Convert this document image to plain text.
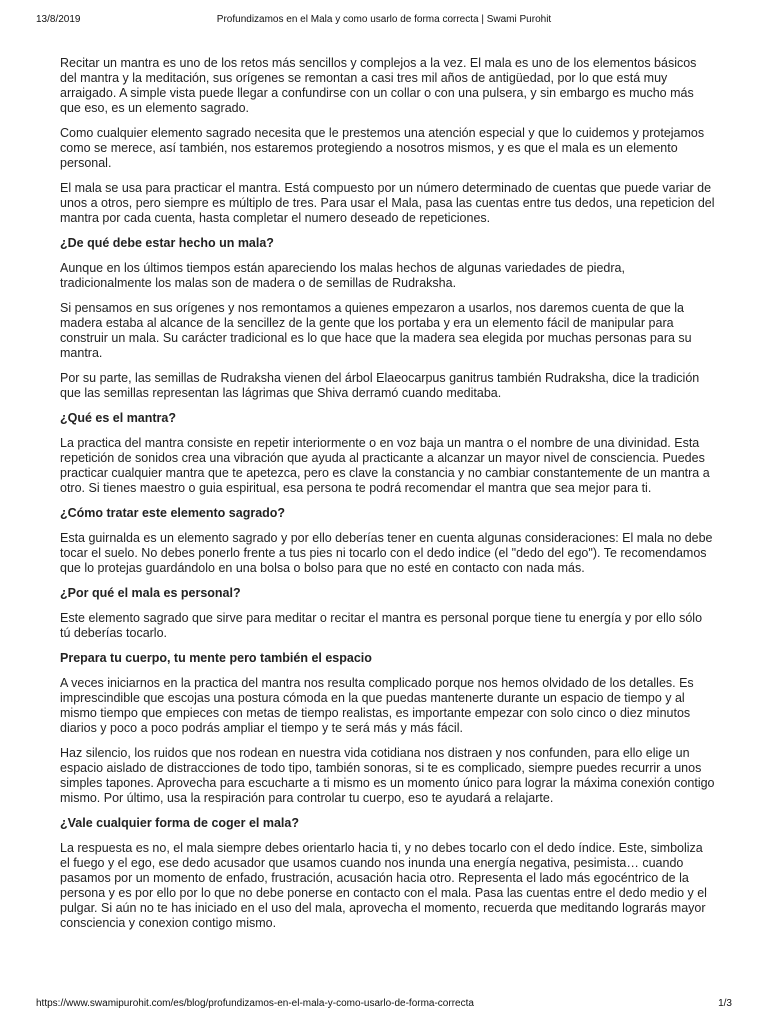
13/8/2019	Profundizamos en el Mala y como usarlo de forma correcta | Swami Purohit

Recitar un mantra es uno de los retos más sencillos y complejos a la vez. El mala es uno de los elementos básicos del mantra y la meditación, sus orígenes se remontan a casi tres mil años de antigüedad, por lo que está muy arraigado. A simple vista puede llegar a confundirse con un collar o con una pulsera, y sin embargo es mucho más que eso, es un elemento sagrado.

Como cualquier elemento sagrado necesita que le prestemos una atención especial y que lo cuidemos y protejamos como se merece, así también, nos estaremos protegiendo a nosotros mismos, y es que el mala es un elemento personal.

El mala se usa para practicar el mantra. Está compuesto por un número determinado de cuentas que puede variar de unos a otros, pero siempre es múltiplo de tres. Para usar el Mala, pasa las cuentas entre tus dedos, una repeticion del mantra por cada cuenta, hasta completar el numero deseado de repeticiones.

¿De qué debe estar hecho un mala?

Aunque en los últimos tiempos están apareciendo los malas hechos de algunas variedades de piedra, tradicionalmente los malas son de madera o de semillas de Rudraksha.

Si pensamos en sus orígenes y nos remontamos a quienes empezaron a usarlos, nos daremos cuenta de que la madera estaba al alcance de la sencillez de la gente que los portaba y era un elemento fácil de manipular para construir un mala. Su carácter tradicional es lo que hace que la madera sea elegida por muchas personas para su mantra.

Por su parte, las semillas de Rudraksha vienen del árbol Elaeocarpus ganitrus también Rudraksha, dice la tradición que las semillas representan las lágrimas que Shiva derramó cuando meditaba.

¿Qué es el mantra?

La practica del mantra consiste en repetir interiormente o en voz baja un mantra o el nombre de una divinidad. Esta repetición de sonidos crea una vibración que ayuda al practicante a alcanzar un mayor nivel de consciencia. Puedes practicar cualquier mantra que te apetezca, pero es clave la constancia y no cambiar constantemente de un mantra a otro. Si tienes maestro o guia espiritual, esa persona te podrá recomendar el mantra que sea mejor para ti.

¿Cómo tratar este elemento sagrado?

Esta guirnalda es un elemento sagrado y por ello deberías tener en cuenta algunas consideraciones: El mala no debe tocar el suelo. No debes ponerlo frente a tus pies ni tocarlo con el dedo indice (el "dedo del ego"). Te recomendamos que lo protejas guardándolo en una bolsa o bolso para que no esté en contacto con nada más.

¿Por qué el mala es personal?

Este elemento sagrado que sirve para meditar o recitar el mantra es personal porque tiene tu energía y por ello sólo tú deberías tocarlo.

Prepara tu cuerpo, tu mente pero también el espacio

A veces iniciarnos en la practica del mantra nos resulta complicado porque nos hemos olvidado de los detalles. Es imprescindible que escojas una postura cómoda en la que puedas mantenerte durante un espacio de tiempo y al mismo tiempo que empieces con metas de tiempo realistas, es importante empezar con solo cinco o diez minutos diarios y poco a poco podrás ampliar el tiempo y te será más y más fácil.

Haz silencio, los ruidos que nos rodean en nuestra vida cotidiana nos distraen y nos confunden, para ello elige un espacio aislado de distracciones de todo tipo, también sonoras, si te es complicado, siempre puedes recurrir a unos simples tapones. Aprovecha para escucharte a ti mismo es un momento único para lograr la máxima conexión contigo mismo. Por último, usa la respiración para controlar tu cuerpo, eso te ayudará a relajarte.

¿Vale cualquier forma de coger el mala?

La respuesta es no, el mala siempre debes orientarlo hacia ti, y no debes tocarlo con el dedo índice. Este, simboliza el fuego y el ego, ese dedo acusador que usamos cuando nos inunda una energía negativa, pesimista… cuando pasamos por un momento de enfado, frustración, acusación hacia otro. Representa el lado más egocéntrico de la persona y es por ello por lo que no debe ponerse en contacto con el mala. Pasa las cuentas entre el dedo medio y el pulgar. Si aún no te has iniciado en el uso del mala, aprovecha el momento, recuerda que meditando lograrás mayor consciencia y conexion contigo mismo.

https://www.swamipurohit.com/es/blog/profundizamos-en-el-mala-y-como-usarlo-de-forma-correcta	1/3
